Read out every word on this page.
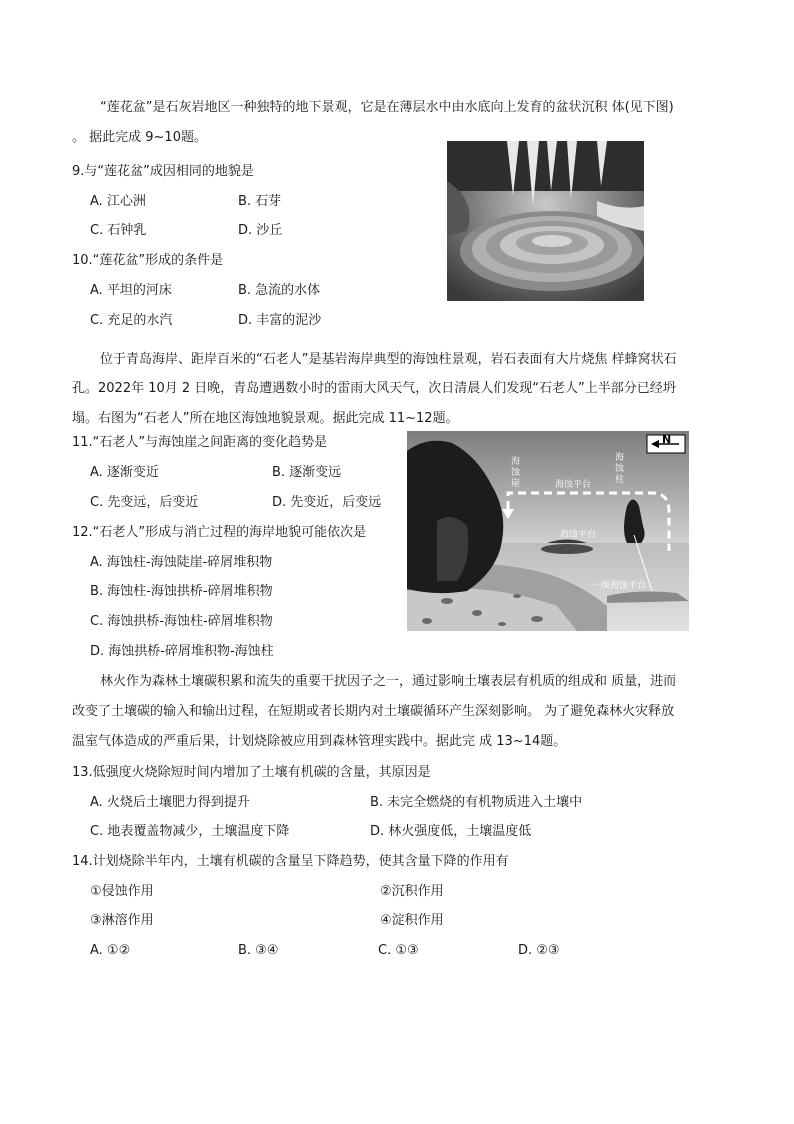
“莲花盆”是石灰岩地区一种独特的地下景观，它是在薄层水中由水底向上发育的盆状沉积 体(见下图)
。 据此完成 9~10题。
9.与“莲花盆”成因相同的地貌是
A. 江心洲	B. 石芽
C. 石钟乳	D. 沙丘
10.“莲花盆”形成的条件是
A. 平坦的河床	B. 急流的水体
C. 充足的水汽	D. 丰富的泥沙
位于青岛海岸、距岸百米的“石老人”是基岩海岸典型的海蚀柱景观，岩石表面有大片烧焦 样蜂窝状石
孔。2022年 10月 2 日晚，青岛遭遇数小时的雷雨大风天气，次日清晨人们发现“石老人”上半部分已经坍
塌。右图为“石老人”所在地区海蚀地貌景观。据此完成 11~12题。
11.“石老人”与海蚀崖之间距离的变化趋势是
A. 逐渐变近	B. 逐渐变远
C. 先变远，后变近	D. 先变近，后变远
12.“石老人”形成与消亡过程的海岸地貌可能依次是
A. 海蚀柱-海蚀陡崖-碎屑堆积物
B. 海蚀柱-海蚀拱桥-碎屑堆积物
C. 海蚀拱桥-海蚀柱-碎屑堆积物
D. 海蚀拱桥-碎屑堆积物-海蚀柱
N
海蚀崖
海蚀柱
海蚀平台
海蚀平台
一级海蚀平台
林火作为森林土壤碳积累和流失的重要干扰因子之一，通过影响土壤表层有机质的组成和 质量，进而
改变了土壤碳的输入和输出过程，在短期或者长期内对土壤碳循环产生深刻影响。 为了避免森林火灾释放
温室气体造成的严重后果，计划烧除被应用到森林管理实践中。据此完 成 13~14题。
13.低强度火烧除短时间内增加了土壤有机碳的含量，其原因是
A. 火烧后土壤肥力得到提升	B. 未完全燃烧的有机物质进入土壤中
C. 地表覆盖物减少，土壤温度下降	D. 林火强度低，土壤温度低
14.计划烧除半年内，土壤有机碳的含量呈下降趋势，使其含量下降的作用有
①侵蚀作用	②沉积作用
③淋溶作用	④淀积作用
A. ①②	B. ③④	C. ①③	D. ②③
